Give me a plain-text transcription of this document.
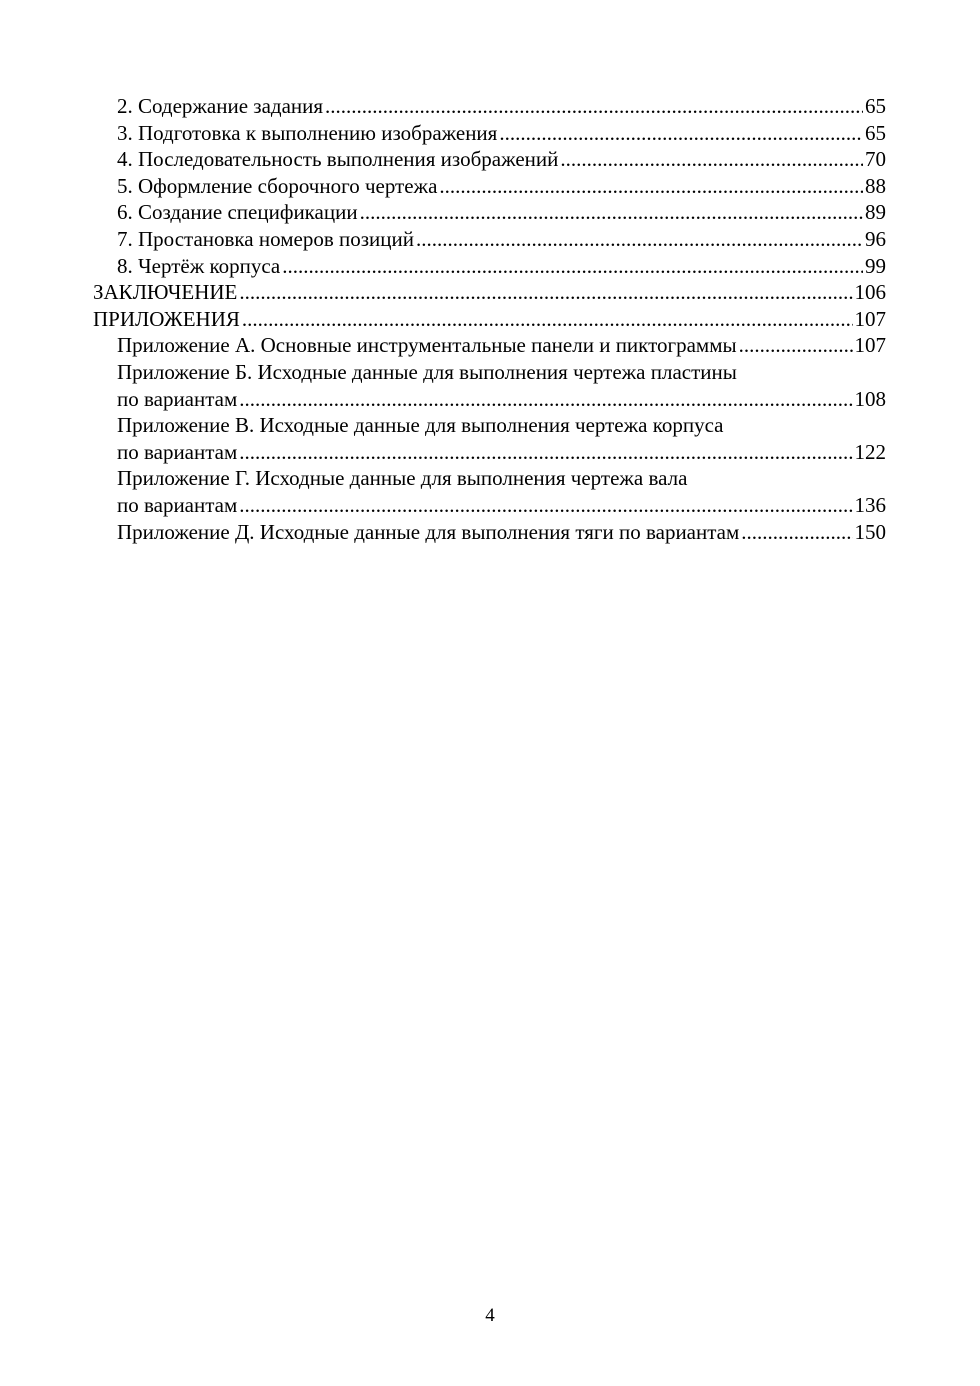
2. Содержание задания .....	65
3. Подготовка к выполнению изображения .....	65
4. Последовательность выполнения изображений .....	70
5. Оформление сборочного чертежа .....	88
6. Создание спецификации .....	89
7. Простановка номеров позиций .....	96
8. Чертёж корпуса .....	99
ЗАКЛЮЧЕНИЕ .....	106
ПРИЛОЖЕНИЯ .....	107
Приложение А. Основные инструментальные панели и пиктограммы .....	107
Приложение Б. Исходные данные для выполнения чертежа пластины
по вариантам .....	108
Приложение В. Исходные данные для выполнения чертежа корпуса
по вариантам .....	122
Приложение Г. Исходные данные для выполнения чертежа вала
по вариантам .....	136
Приложение Д. Исходные данные для выполнения тяги по вариантам .....	150
4
